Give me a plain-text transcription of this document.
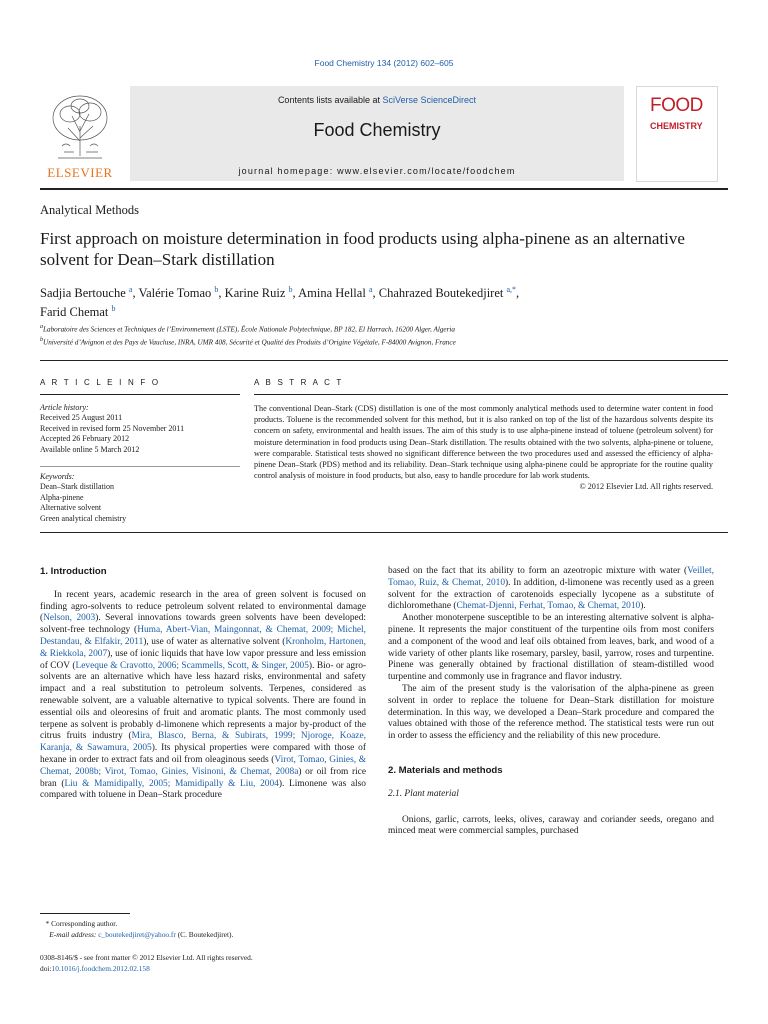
Food Chemistry 134 (2012) 602–605
ELSEVIER
Contents lists available at SciVerse ScienceDirect
Food Chemistry
journal homepage: www.elsevier.com/locate/foodchem
FOOD
CHEMISTRY
Analytical Methods
First approach on moisture determination in food products using alpha-pinene as an alternative solvent for Dean–Stark distillation
Sadjia Bertouche $^a$, Valérie Tomao $^b$, Karine Ruiz $^b$, Amina Hellal $^a$, Chahrazed Boutekedjiret $^{a,*}$,
Farid Chemat $^b$
$^a$Laboratoire des Sciences et Techniques de l’Environnement (LSTE), École Nationale Polytechnique, BP 182, El Harrach, 16200 Alger, Algeria
$^b$Université d’Avignon et des Pays de Vaucluse, INRA, UMR 408, Sécurité et Qualité des Produits d’Origine Végétale, F-84000 Avignon, France
A R T I C L E I N F O	A B S T R A C T
Article history:
Received 25 August 2011
Received in revised form 25 November 2011
Accepted 26 February 2012
Available online 5 March 2012
Keywords:
Dean–Stark distillation
Alpha-pinene
Alternative solvent
Green analytical chemistry
The conventional Dean–Stark (CDS) distillation is one of the most commonly analytical methods used to determine water content in food products. Toluene is the recommended solvent for this method, but it is also ranked on top of the list of the hazardous solvents despite its concern on safety, environmental and health issues. The aim of this study is to use alpha-pinene instead of toluene (petroleum solvent) for moisture determination in food products using Dean–Stark distillation. The results obtained with the two solvents, alpha-pinene or toluene, were comparable. Statistical tests showed no significant difference between the two procedures used and assessed the efficiency of alpha-pinene Dean–Stark (PDS) method and its reliability. Dean–Stark technique using alpha-pinene could be appropriate for the routine quality control analysis of moisture in food products, but also, easy to handle procedure for lab work students.
© 2012 Elsevier Ltd. All rights reserved.
1. Introduction

In recent years, academic research in the area of green solvent is focused on finding agro-solvents to reduce petroleum solvent related to environmental damage (Nelson, 2003). Several innovations towards green solvents have been developed: solvent-free technology (Huma, Abert-Vian, Maingonnat, & Chemat, 2009; Michel, Destandau, & Elfakir, 2011), use of water as alternative solvent (Kronholm, Hartonen, & Riekkola, 2007), use of ionic liquids that have low vapor pressure and less emission of COV (Leveque & Cravotto, 2006; Scammells, Scott, & Singer, 2005). Bio- or agro-solvents are an alternative which have less hazard risks, environmental and safety impact and a real substitution to petroleum solvents. Terpenes, considered as renewable solvent, are a valuable alternative to typical solvents. There are found in essential oils and oleoresins of fruit and aromatic plants. The most commonly used terpene as solvent is probably d-limonene which represents a major by-product of the citrus fruits industry (Mira, Blasco, Berna, & Subirats, 1999; Njoroge, Koaze, Karanja, & Sawamura, 2005). Its physical properties were compared with those of hexane in order to extract fats and oil from oleaginous seeds (Virot, Tomao, Ginies, & Chemat, 2008b; Virot, Tomao, Ginies, Visinoni, & Chemat, 2008a) or oil from rice bran (Liu & Mamidipally, 2005; Mamidipally & Liu, 2004). Limonene was also compared with toluene in Dean–Stark procedure

based on the fact that its ability to form an azeotropic mixture with water (Veillet, Tomao, Ruiz, & Chemat, 2010). In addition, d-limonene was recently used as a green solvent for the extraction of carotenoids especially lycopene as a substitute of dichloromethane (Chemat-Djenni, Ferhat, Tomao, & Chemat, 2010).

Another monoterpene susceptible to be an interesting alternative solvent is alpha-pinene. It represents the major constituent of the turpentine oils from most conifers and a component of the wood and leaf oils obtained from leaves, bark, and wood of a wide variety of other plants like rosemary, parsley, basil, yarrow, roses and turpentine. Pinene was generally obtained by fractional distillation of steam-distilled wood turpentine and commonly use in fragrance and flavor industry.

The aim of the present study is the valorisation of the alpha-pinene as green solvent in order to replace the toluene for Dean–Stark distillation for moisture determination. In this way, we developed a Dean–Stark procedure and compared the values obtained with those of the reference method. The statistical tests were run out in order to assess the efficiency and the reliability of this new procedure.

2. Materials and methods
2.1. Plant material

Onions, garlic, carrots, leeks, olives, caraway and coriander seeds, oregano and minced meat were commercial samples, purchased

* Corresponding author.
E-mail address: c_boutekedjiret@yahoo.fr (C. Boutekedjiret).
0308-8146/$ - see front matter © 2012 Elsevier Ltd. All rights reserved.
doi:10.1016/j.foodchem.2012.02.158
